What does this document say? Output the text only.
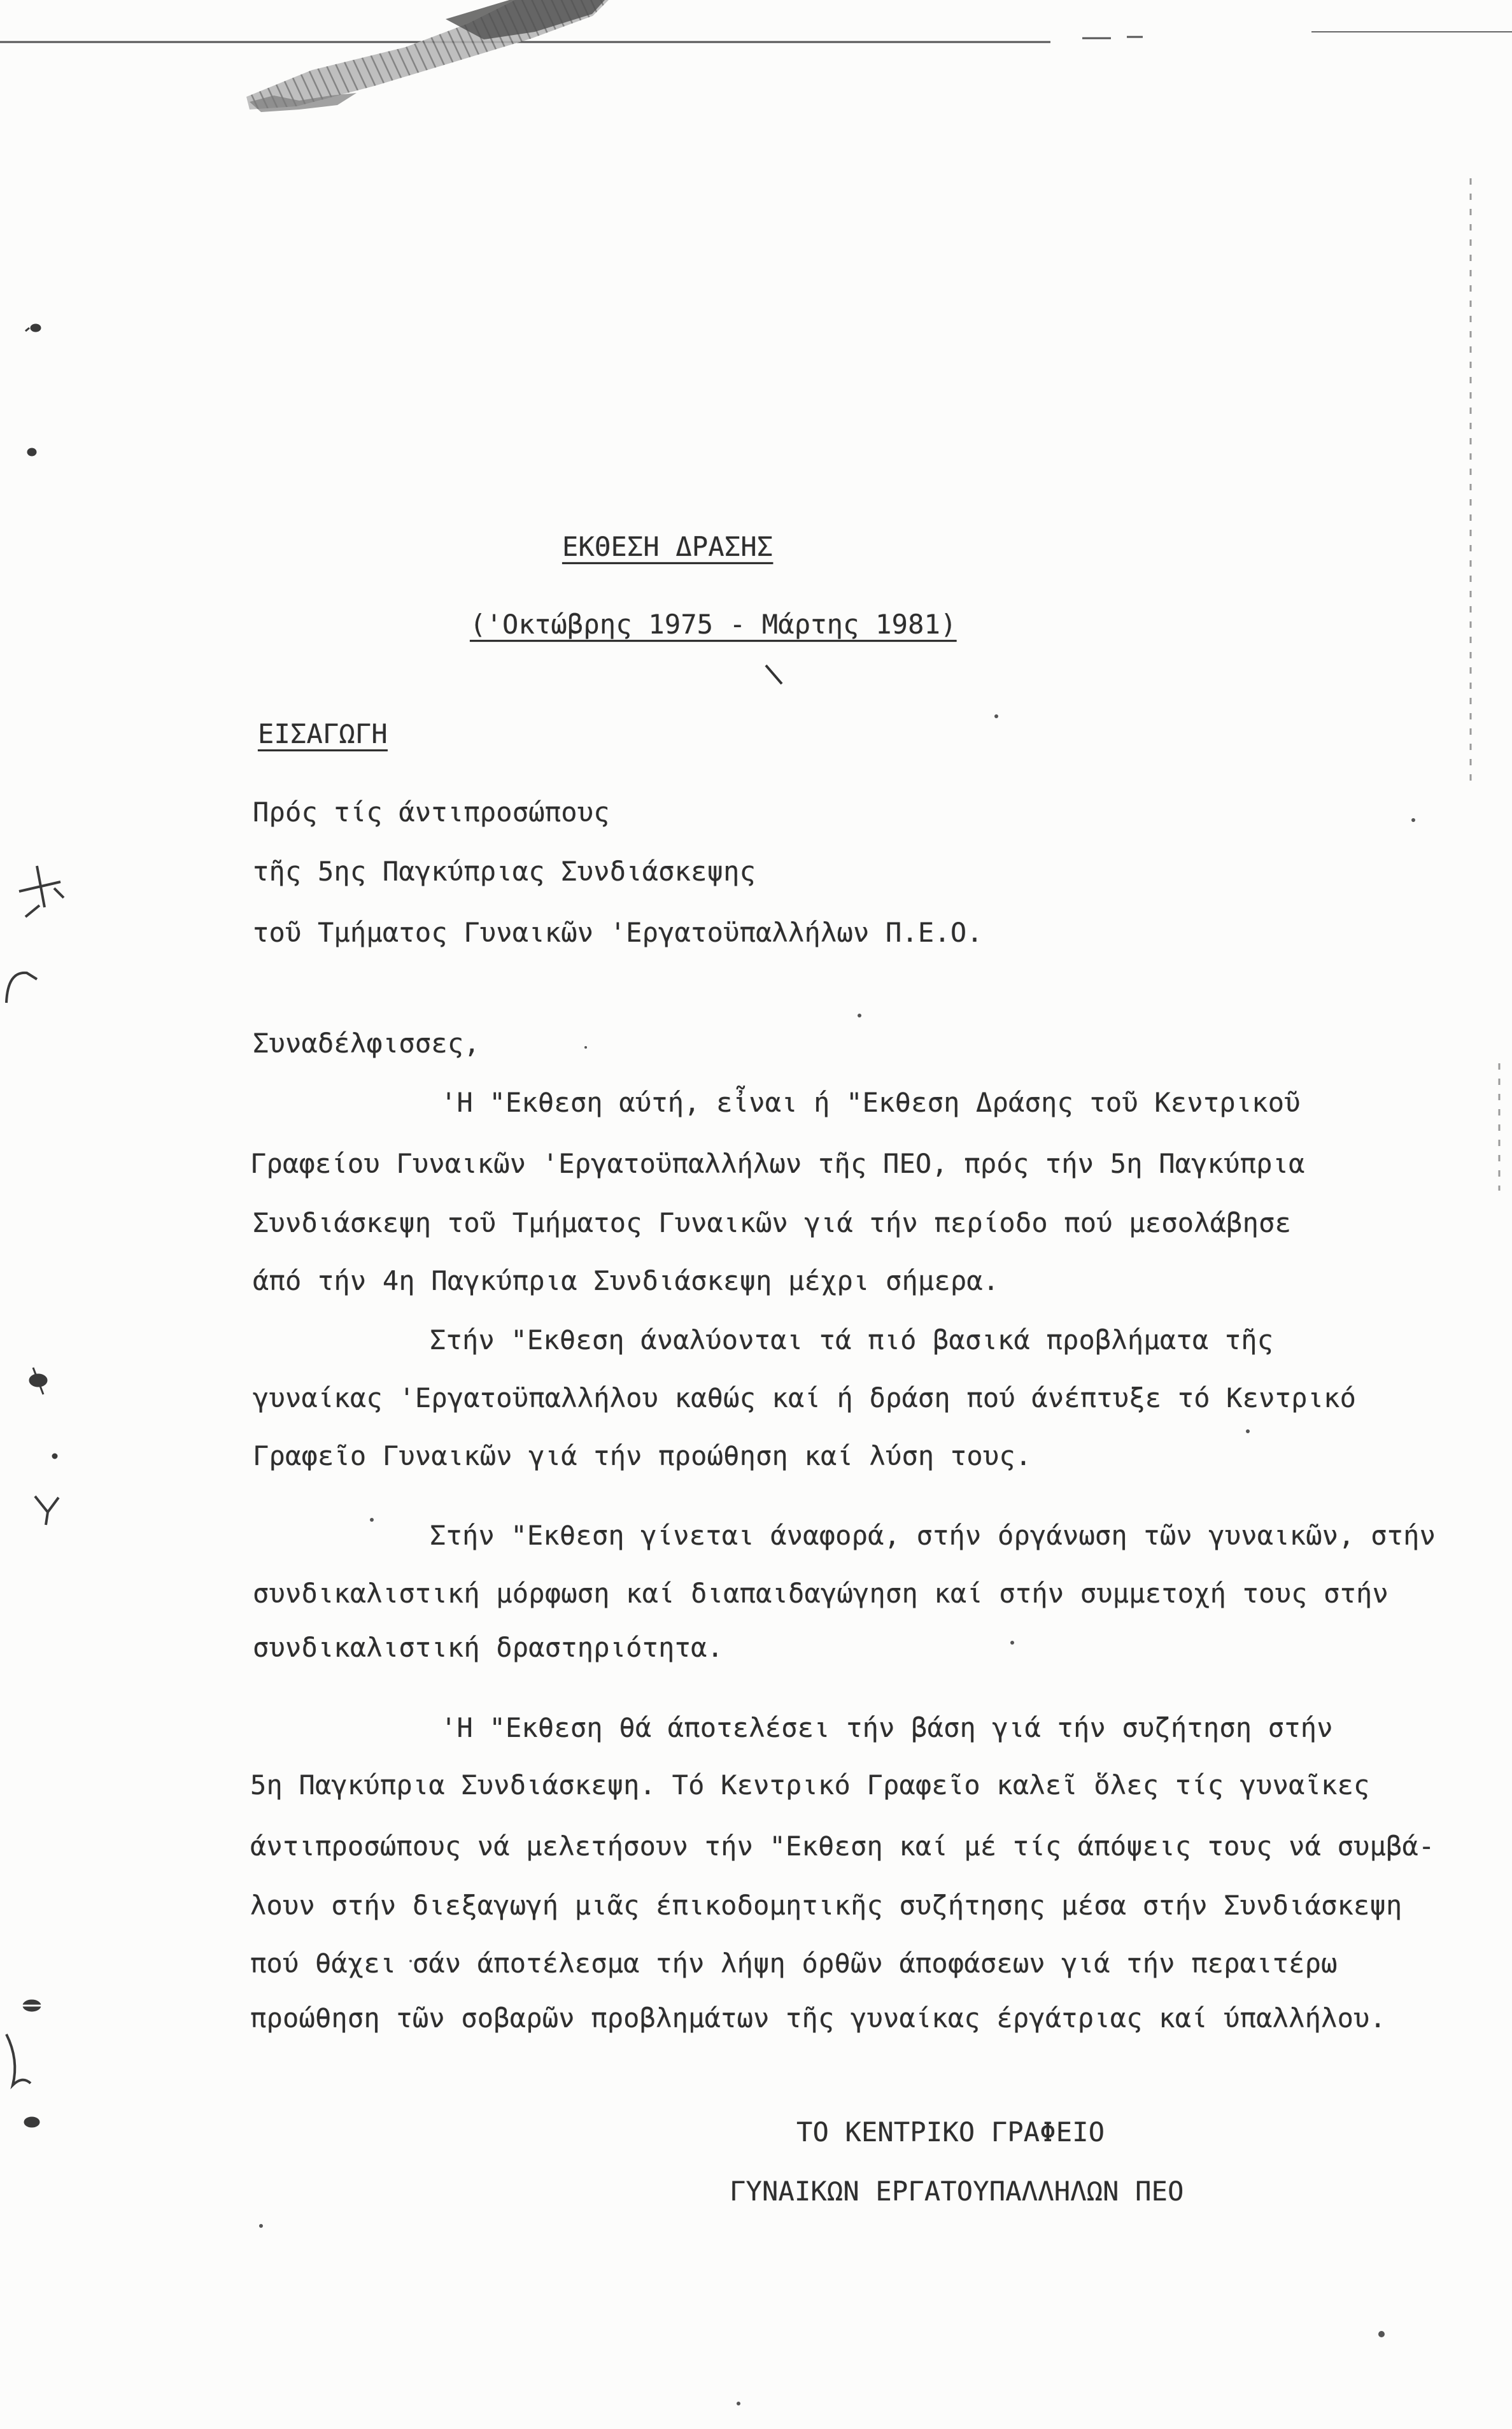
ΕΚΘΕΣΗ ΔΡΑΣΗΣ
('Οκτώβρης 1975 - Μάρτης 1981)
ΕΙΣΑΓΩΓΗ
Πρός τίς άντιπροσώπους
τῆς 5ης Παγκύπριας Συνδιάσκεψης
τοῦ Τμήματος Γυναικῶν 'Εργατοϋπαλλήλων Π.Ε.Ο.
Συναδέλφισσες,
'Η "Εκθεση αύτή, εἶναι ή "Εκθεση Δράσης τοῦ Κεντρικοῦ
Γραφείου Γυναικῶν 'Εργατοϋπαλλήλων τῆς ΠΕΟ, πρός τήν 5η Παγκύπρια
Συνδιάσκεψη τοῦ Τμήματος Γυναικῶν γιά τήν περίοδο πού μεσολάβησε
άπό τήν 4η Παγκύπρια Συνδιάσκεψη μέχρι σήμερα.
Στήν "Εκθεση άναλύονται τά πιό βασικά προβλήματα τῆς
γυναίκας 'Εργατοϋπαλλήλου καθώς καί ή δράση πού άνέπτυξε τό Κεντρικό
Γραφεῖο Γυναικῶν γιά τήν προώθηση καί λύση τους.
Στήν "Εκθεση γίνεται άναφορά, στήν όργάνωση τῶν γυναικῶν, στήν
συνδικαλιστική μόρφωση καί διαπαιδαγώγηση καί στήν συμμετοχή τους στήν
συνδικαλιστική δραστηριότητα.
'Η "Εκθεση θά άποτελέσει τήν βάση γιά τήν συζήτηση στήν
5η Παγκύπρια Συνδιάσκεψη. Τό Κεντρικό Γραφεῖο καλεῖ ὅλες τίς γυναῖκες
άντιπροσώπους νά μελετήσουν τήν "Εκθεση καί μέ τίς άπόψεις τους νά συμβά-
λουν στήν διεξαγωγή μιᾶς έπικοδομητικῆς συζήτησης μέσα στήν Συνδιάσκεψη
πού θάχει σάν άποτέλεσμα τήν λήψη όρθῶν άποφάσεων γιά τήν περαιτέρω
προώθηση τῶν σοβαρῶν προβλημάτων τῆς γυναίκας έργάτριας καί ύπαλλήλου.
ΤΟ ΚΕΝΤΡΙΚΟ ΓΡΑΦΕΙΟ
ΓΥΝΑΙΚΩΝ ΕΡΓΑΤΟΥΠΑΛΛΗΛΩΝ ΠΕΟ
